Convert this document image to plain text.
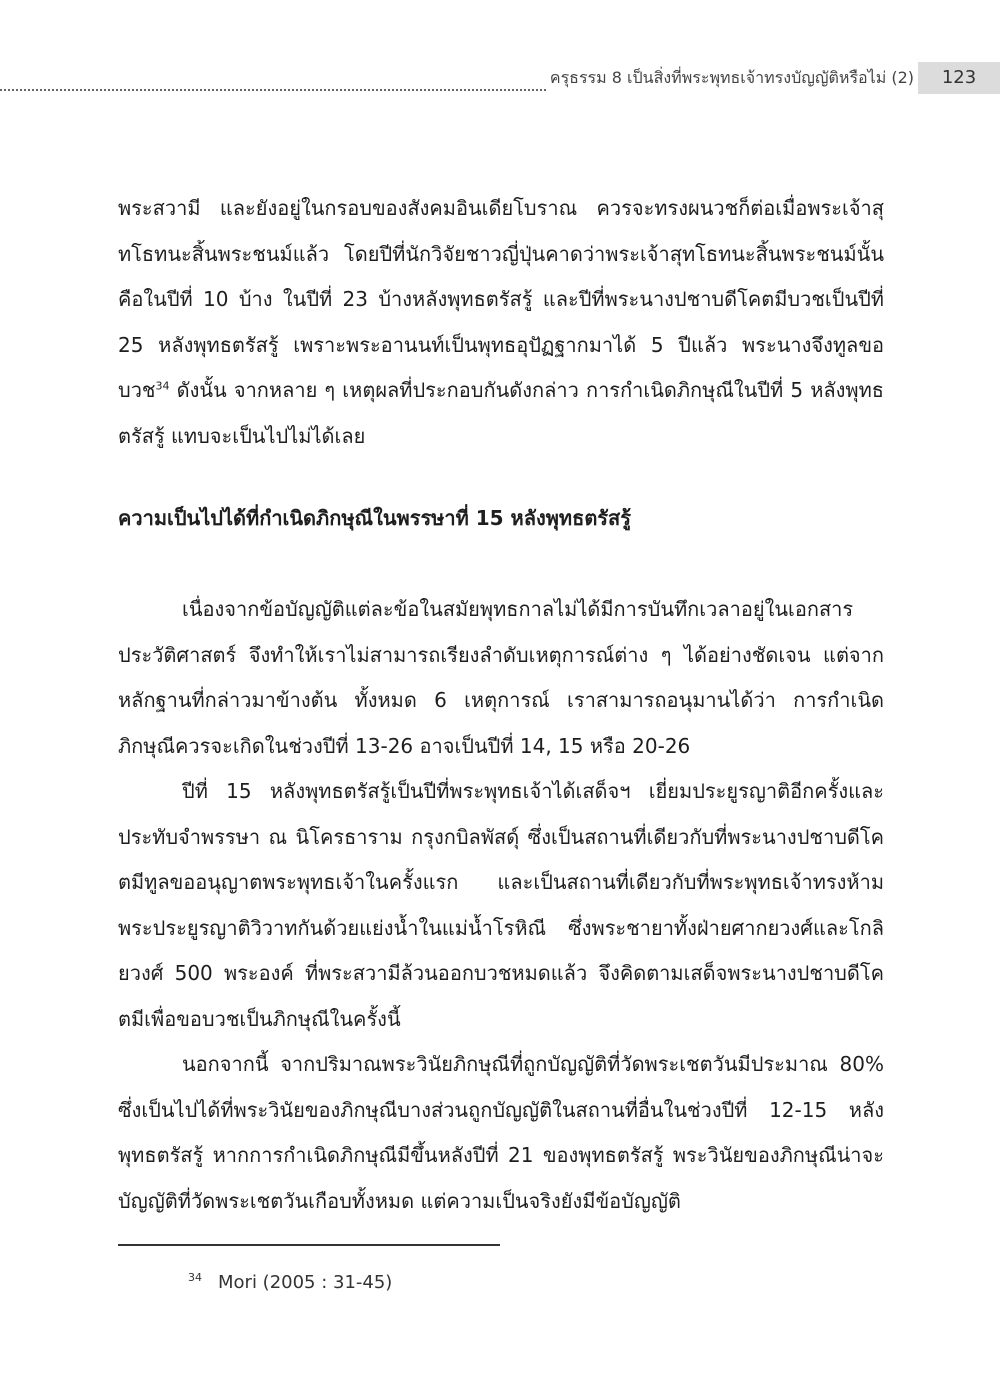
ครุธรรม 8 เป็นสิ่งที่พระพุทธเจ้าทรงบัญญัติหรือไม่ (2)	123

พระสวามี และยังอยู่ในกรอบของสังคมอินเดียโบราณ ควรจะทรงผนวชก็ต่อเมื่อพระเจ้าสุทโธทนะสิ้นพระชนม์แล้ว โดยปีที่นักวิจัยชาวญี่ปุ่นคาดว่าพระเจ้าสุทโธทนะสิ้นพระชนม์นั้นคือในปีที่ 10 บ้าง ในปีที่ 23 บ้างหลังพุทธตรัสรู้ และปีที่พระนางปชาบดีโคตมีบวชเป็นปีที่ 25 หลังพุทธตรัสรู้ เพราะพระอานนท์เป็นพุทธอุปัฏฐากมาได้ 5 ปีแล้ว พระนางจึงทูลขอบวช$^{34}$ ดังนั้น จากหลาย ๆ เหตุผลที่ประกอบกันดังกล่าว การกำเนิดภิกษุณีในปีที่ 5 หลังพุทธตรัสรู้ แทบจะเป็นไปไม่ได้เลย

ความเป็นไปได้ที่กำเนิดภิกษุณีในพรรษาที่ 15 หลังพุทธตรัสรู้

เนื่องจากข้อบัญญัติแต่ละข้อในสมัยพุทธกาลไม่ได้มีการบันทึกเวลาอยู่ในเอกสารประวัติศาสตร์ จึงทำให้เราไม่สามารถเรียงลำดับเหตุการณ์ต่าง ๆ ได้อย่างชัดเจน แต่จากหลักฐานที่กล่าวมาข้างต้น ทั้งหมด 6 เหตุการณ์ เราสามารถอนุมานได้ว่า การกำเนิดภิกษุณีควรจะเกิดในช่วงปีที่ 13-26 อาจเป็นปีที่ 14, 15 หรือ 20-26

ปีที่ 15 หลังพุทธตรัสรู้เป็นปีที่พระพุทธเจ้าได้เสด็จฯ เยี่ยมประยูรญาติอีกครั้งและประทับจำพรรษา ณ นิโครธาราม กรุงกบิลพัสดุ์ ซึ่งเป็นสถานที่เดียวกับที่พระนางปชาบดีโคตมีทูลขออนุญาตพระพุทธเจ้าในครั้งแรก และเป็นสถานที่เดียวกับที่พระพุทธเจ้าทรงห้ามพระประยูรญาติวิวาทกันด้วยแย่งน้ำในแม่น้ำโรหิณี ซึ่งพระชายาทั้งฝ่ายศากยวงศ์และโกลิยวงศ์ 500 พระองค์ ที่พระสวามีล้วนออกบวชหมดแล้ว จึงคิดตามเสด็จพระนางปชาบดีโคตมีเพื่อขอบวชเป็นภิกษุณีในครั้งนี้

นอกจากนี้ จากปริมาณพระวินัยภิกษุณีที่ถูกบัญญัติที่วัดพระเชตวันมีประมาณ 80% ซึ่งเป็นไปได้ที่พระวินัยของภิกษุณีบางส่วนถูกบัญญัติในสถานที่อื่นในช่วงปีที่ 12-15 หลังพุทธตรัสรู้ หากการกำเนิดภิกษุณีมีขึ้นหลังปีที่ 21 ของพุทธตรัสรู้ พระวินัยของภิกษุณีน่าจะบัญญัติที่วัดพระเชตวันเกือบทั้งหมด แต่ความเป็นจริงยังมีข้อบัญญัติ

$^{34}$ Mori (2005 : 31-45)
